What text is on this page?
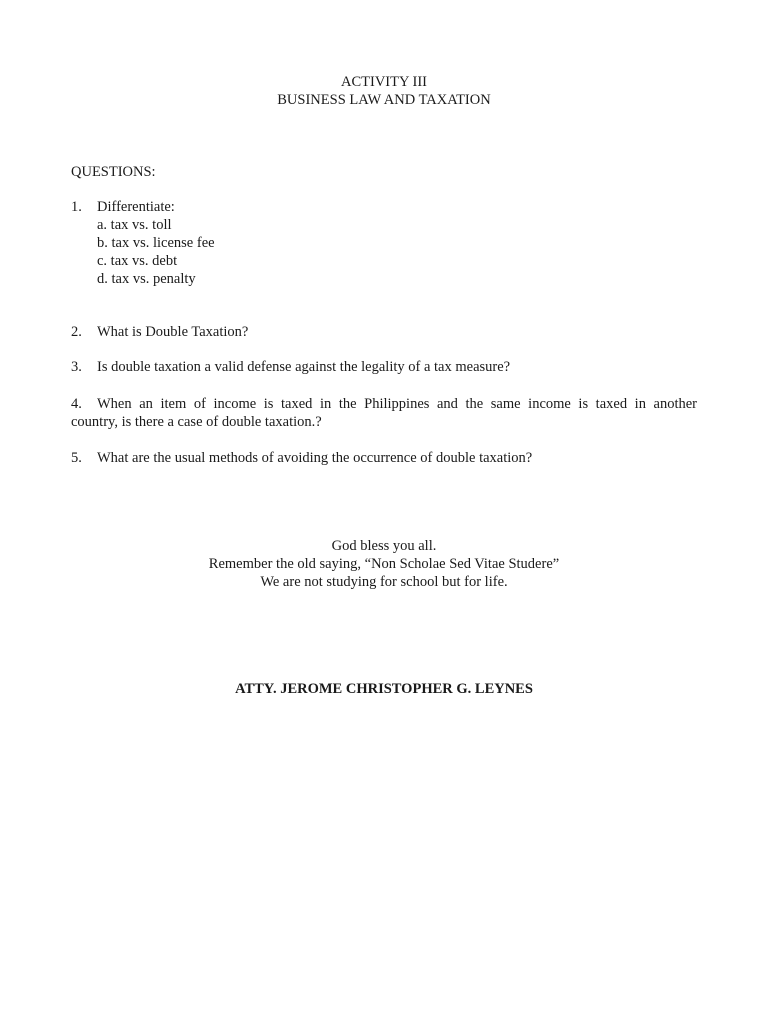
ACTIVITY III
BUSINESS LAW AND TAXATION
QUESTIONS:
1. Differentiate:
a. tax vs. toll
b. tax vs. license fee
c. tax vs. debt
d. tax vs. penalty
2. What is Double Taxation?
3. Is double taxation a valid defense against the legality of a tax measure?
4. When an item of income is taxed in the Philippines and the same income is taxed in another
country, is there a case of double taxation.?
5. What are the usual methods of avoiding the occurrence of double taxation?
God bless you all.
Remember the old saying, “Non Scholae Sed Vitae Studere”
We are not studying for school but for life.
ATTY. JEROME CHRISTOPHER G. LEYNES
